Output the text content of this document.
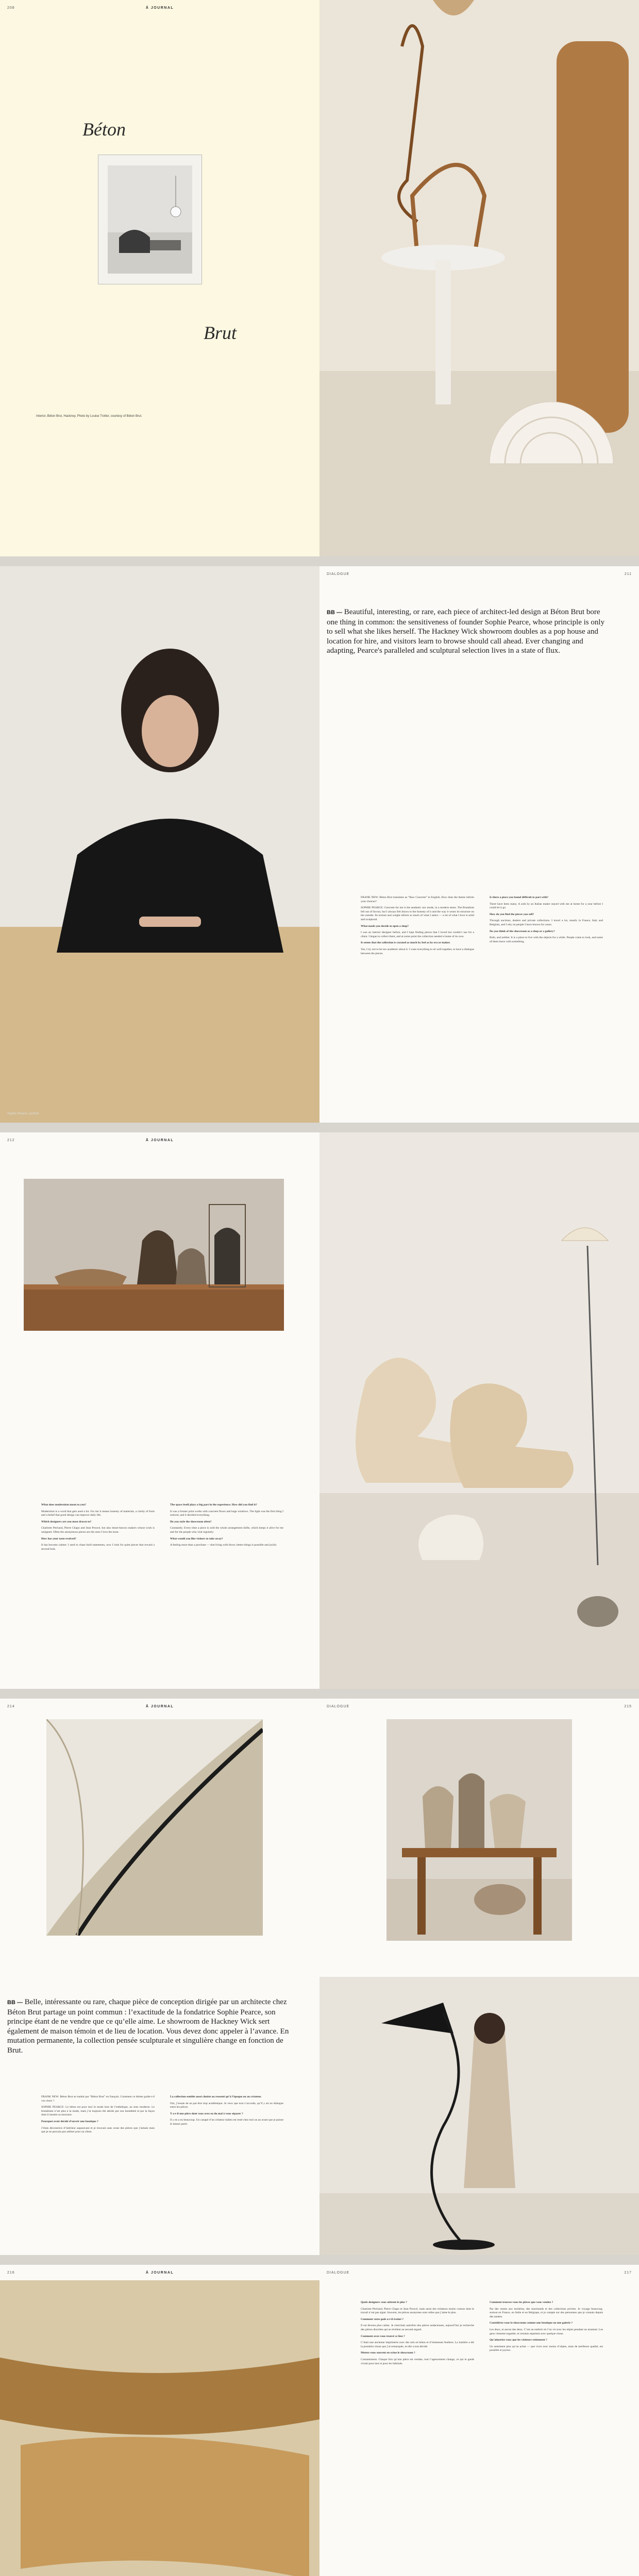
208	Ā JOURNAL
Béton
Brut
Interior, Béton Brut, Hackney. Photo by Louise Trotter, courtesy of Béton Brut.
Sophie Pearce, portrait
DIALOGUE	211
BB — Beautiful, interesting, or rare, each piece of architect-led design at Béton Brut bore one thing in common: the sensitiveness of founder Sophie Pearce, whose principle is only to sell what she likes herself. The Hackney Wick showroom doubles as a pop house and location for hire, and visitors learn to browse should call ahead. Ever changing and adapting, Pearce's paralleled and sculptural selection lives in a state of flux.

FRANK NEW: Béton Brut translates as “Raw Concrete” in English. How does the theme inform your choices?

SOPHIE PEARCE: Concrete for me is the aesthetic raw mode, in a modern sense. The Brutalism fell out of favour, but I always felt drawn to the honesty of it and the way it wears its structure on the outside. Its texture and weight inform so much of what I select — a lot of what I love is solid and sculptural.

What made you decide to open a shop?

I was an interior designer before, and I kept finding pieces that I loved but couldn’t use for a client. I began to collect them, and at some point the collection needed a home of its own.

It seems that the collection is curated as much by feel as by era or maker.

Yes, I try not to be too academic about it. I want everything to sit well together, to have a dialogue between the pieces.

Is there a piece you found difficult to part with?

There have been many. A sofa by an Italian maker stayed with me at home for a year before I could let it go.

How do you find the pieces you sell?

Through auctions, dealers and private collections. I travel a lot, mostly in France, Italy and Belgium, and I rely on people I have known for years.

Do you think of the showroom as a shop or a gallery?

Both, and neither. It is a place to live with the objects for a while. People come to look, and some of them leave with something.

212	Ā JOURNAL

What does modernism mean to you?

Modernism is a word that gets used a lot. For me it means honesty of materials, a clarity of form and a belief that good design can improve daily life.

Which designers are you most drawn to?

Charlotte Perriand, Pierre Chapo and Jean Prouvé, but also lesser-known makers whose work is unsigned. Often the anonymous pieces are the ones I love the most.

How has your taste evolved?

It has become calmer. I used to chase bold statements, now I look for quiet pieces that reward a second look.

The space itself plays a big part in the experience. How did you find it?

It was a former print works with concrete floors and huge windows. The light was the first thing I noticed, and it decided everything.

Do you style the showroom often?

Constantly. Every time a piece is sold the whole arrangement shifts, which keeps it alive for me and for the people who visit regularly.

What would you like visitors to take away?

A feeling more than a purchase — that living with fewer, better things is possible and joyful.

214	Ā JOURNAL
BB — Belle, intéressante ou rare, chaque pièce de conception dirigée par un architecte chez Béton Brut partage un point commun : l’exactitude de la fondatrice Sophie Pearce, son principe étant de ne vendre que ce qu’elle aime. Le showroom de Hackney Wick sert également de maison témoin et de lieu de location. Vous devez donc appeler à l’avance. En mutation permanente, la collection pensée sculpturale et singulière change en fonction de Brut.

FRANK NEW: Béton Brut se traduit par “Béton Brut” en français. Comment ce thème guide-t-il vos choix ?

SOPHIE PEARCE: Le béton est pour moi le mode brut de l’esthétique, au sens moderne. Le brutalisme n’est plus à la mode, mais j’ai toujours été attirée par son honnêteté et par la façon dont il montre sa structure.

Pourquoi avoir décidé d’ouvrir une boutique ?

J’étais décoratrice d’intérieur auparavant et je trouvais sans cesse des pièces que j’aimais mais que je ne pouvais pas utiliser pour un client.

La collection semble aussi choisie au ressenti qu’à l’époque ou au créateur.

Oui, j’essaie de ne pas être trop académique. Je veux que tout s’accorde, qu’il y ait un dialogue entre les pièces.

Y a-t-il une pièce dont vous avez eu du mal à vous séparer ?

Il y en a eu beaucoup. Un canapé d’un créateur italien est resté chez moi un an avant que je puisse le laisser partir.

DIALOGUE	215
216	Ā JOURNAL	DIALOGUE	217

Quels designers vous attirent le plus ?

Charlotte Perriand, Pierre Chapo et Jean Prouvé, mais aussi des créateurs moins connus dont le travail n’est pas signé. Souvent, les pièces anonymes sont celles que j’aime le plus.

Comment votre goût a-t-il évolué ?

Il est devenu plus calme. Je cherchais autrefois des pièces audacieuses, aujourd’hui je recherche des pièces discrètes qui se révèlent au second regard.

Comment avez-vous trouvé ce lieu ?

C’était une ancienne imprimerie avec des sols en béton et d’immenses fenêtres. La lumière a été la première chose que j’ai remarquée, et elle a tout décidé.

Mettez-vous souvent en scène le showroom ?

Constamment. Chaque fois qu’une pièce est vendue, tout l’agencement change, ce qui le garde vivant pour moi et pour les habitués.

Comment trouvez-vous les pièces que vous vendez ?

Par des ventes aux enchères, des marchands et des collections privées. Je voyage beaucoup, surtout en France, en Italie et en Belgique, et je compte sur des personnes que je connais depuis des années.

Considérez-vous le showroom comme une boutique ou une galerie ?

Les deux, et aucun des deux. C’est un endroit où l’on vit avec les objets pendant un moment. Les gens viennent regarder, et certains repartent avec quelque chose.

Qu’aimeriez-vous que les visiteurs retiennent ?

Un sentiment plus qu’un achat — que vivre avec moins d’objets, mais de meilleure qualité, est possible et joyeux.
